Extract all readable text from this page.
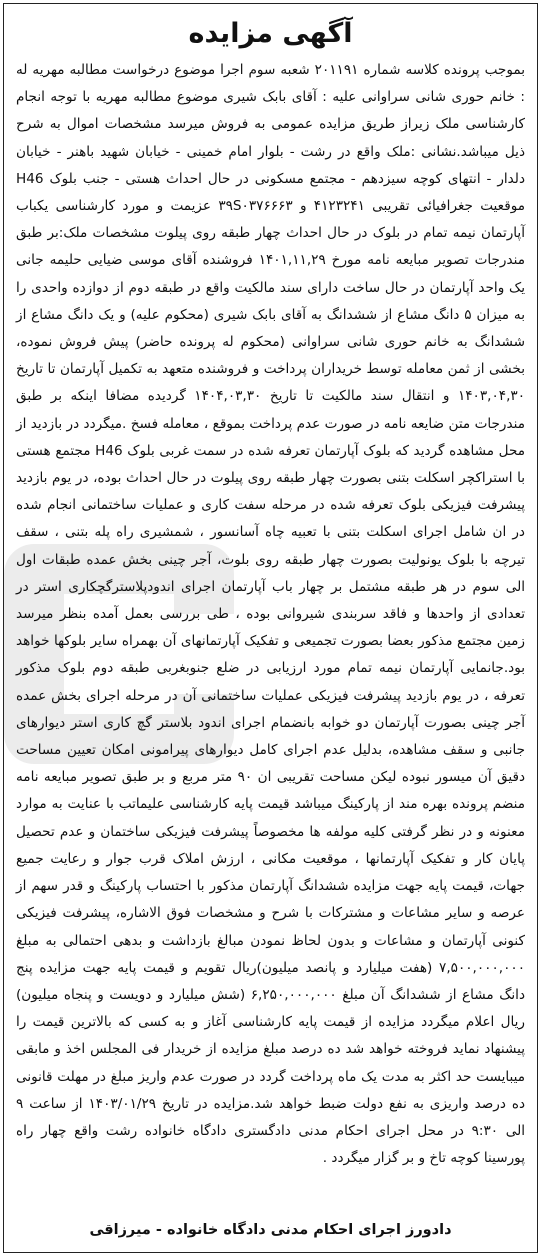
آگهی مزایده

بموجب پرونده کلاسه شماره ۲۰۱۱۹۱ شعبه سوم اجرا موضوع درخواست مطالبه مهریه له : خانم حوری شانی سراوانی علیه : آقای بابک شیری موضوع مطالبه مهریه با توجه انجام کارشناسی ملک زیراز طریق مزایده عمومی به فروش میرسد مشخصات اموال به شرح ذیل میباشد.نشانی :ملک واقع در رشت - بلوار امام خمینی - خیابان شهید باهنر - خیابان دلدار - انتهای کوچه سیزدهم - مجتمع مسکونی در حال احداث هستی - جنب بلوک H46 موقعیت جغرافیائی تقریبی ۴۱۲۳۲۴۱ و ۳۹S۰۳۷۶۶۶۳ عزیمت و مورد کارشناسی یکباب آپارتمان نیمه تمام در بلوک در حال احداث چهار طبقه روی پیلوت مشخصات ملک:بر طبق مندرجات تصویر مبایعه نامه مورخ ۱۴۰۱,۱۱,۲۹ فروشنده آقای موسی ضیایی حلیمه جانی یک واحد آپارتمان در حال ساخت دارای سند مالکیت واقع در طبقه دوم از دوازده واحدی را به میزان ۵ دانگ مشاع از ششدانگ به آقای بابک شیری (محکوم علیه) و یک دانگ مشاع از ششدانگ به خانم حوری شانی سراوانی (محکوم له پرونده حاضر) پیش فروش نموده، بخشی از ثمن معامله توسط خریداران پرداخت و فروشنده متعهد به تکمیل آپارتمان تا تاریخ ۱۴۰۳,۰۴,۳۰ و انتقال سند مالکیت تا تاریخ ۱۴۰۴,۰۳,۳۰ گردیده مضافا اینکه بر طبق مندرجات متن ضایعه نامه در صورت عدم پرداخت بموقع ، معامله فسخ .میگردد در بازدید از محل مشاهده گردید که بلوک آپارتمان تعرفه شده در سمت غربی بلوک H46 مجتمع هستی با استراکچر اسکلت بتنی بصورت چهار طبقه روی پیلوت در حال احداث بوده، در یوم بازدید پیشرفت فیزیکی بلوک تعرفه شده در مرحله سفت کاری و عملیات ساختمانی انجام شده در ان شامل اجرای اسکلت بتنی با تعبیه چاه آسانسور ، شمشیری راه پله بتنی ، سقف تیرچه با بلوک یونولیت بصورت چهار طبقه روی بلوت، آجر چینی بخش عمده طبقات اول الی سوم در هر طبقه مشتمل بر چهار باب آپارتمان اجرای اندودپلاسترگچکاری استر در تعدادی از واحدها و فاقد سربندی شیروانی بوده ، طی بررسی بعمل آمده بنظر میرسد زمین مجتمع مذکور بعضا بصورت تجمیعی و تفکیک آپارتمانهای آن بهمراه سایر بلوکها خواهد بود.جانمایی آپارتمان نیمه تمام مورد ارزیابی در ضلع جنوبغربی طبقه دوم بلوک مذکور تعرفه ، در یوم بازدید پیشرفت فیزیکی عملیات ساختمانی آن در مرحله اجرای بخش عمده آجر چینی بصورت آپارتمان دو خوابه بانضمام اجرای اندود بلاستر گچ کاری استر دیوارهای جانبی و سقف مشاهده، بدلیل عدم اجرای کامل دیوارهای پیرامونی امکان تعیین مساحت دقیق آن میسور نبوده لیکن مساحت تقریبی ان ۹۰ متر مربع و بر طبق تصویر مبایعه نامه منضم پرونده بهره مند از پارکینگ میباشد قیمت پایه کارشناسی علیماتب با عنایت به موارد معنونه و در نظر گرفتی کلیه مولفه ها مخصوصاً پیشرفت فیزیکی ساختمان و عدم تحصیل پایان کار و تفکیک آپارتمانها ، موقعیت مکانی ، ارزش املاک قرب جوار و رعایت جمیع جهات، قیمت پایه جهت مزایده ششدانگ آپارتمان مذکور با احتساب پارکینگ و قدر سهم از عرصه و سایر مشاعات و مشترکات با شرح و مشخصات فوق الاشاره، پیشرفت فیزیکی کنونی آپارتمان و مشاعات و بدون لحاظ نمودن مبالغ بازداشت و بدهی احتمالی به مبلغ ۷,۵۰۰,۰۰۰,۰۰۰ (هفت میلیارد و پانصد میلیون)ریال تقویم و قیمت پایه جهت مزایده پنج دانگ مشاع از ششدانگ آن مبلغ ۶,۲۵۰,۰۰۰,۰۰۰ (شش میلیارد و دویست و پنجاه میلیون) ریال اعلام میگردد مزایده از قیمت پایه کارشناسی آغاز و به کسی که بالاترین قیمت را پیشنهاد نماید فروخته خواهد شد ده درصد مبلغ مزایده از خریدار فی المجلس اخذ و مابقی میبایست حد اکثر به مدت یک ماه پرداخت گردد در صورت عدم واریز مبلغ در مهلت قانونی ده درصد واریزی به نفع دولت ضبط خواهد شد.مزایده در تاریخ ۱۴۰۳/۰۱/۲۹ از ساعت ۹ الی ۹:۳۰ در محل اجرای احکام مدنی دادگستری دادگاه خانواده رشت واقع چهار راه پورسینا کوچه تاخ و بر گزار میگردد .

دادورز اجرای احکام مدنی دادگاه خانواده - میرزاقی
